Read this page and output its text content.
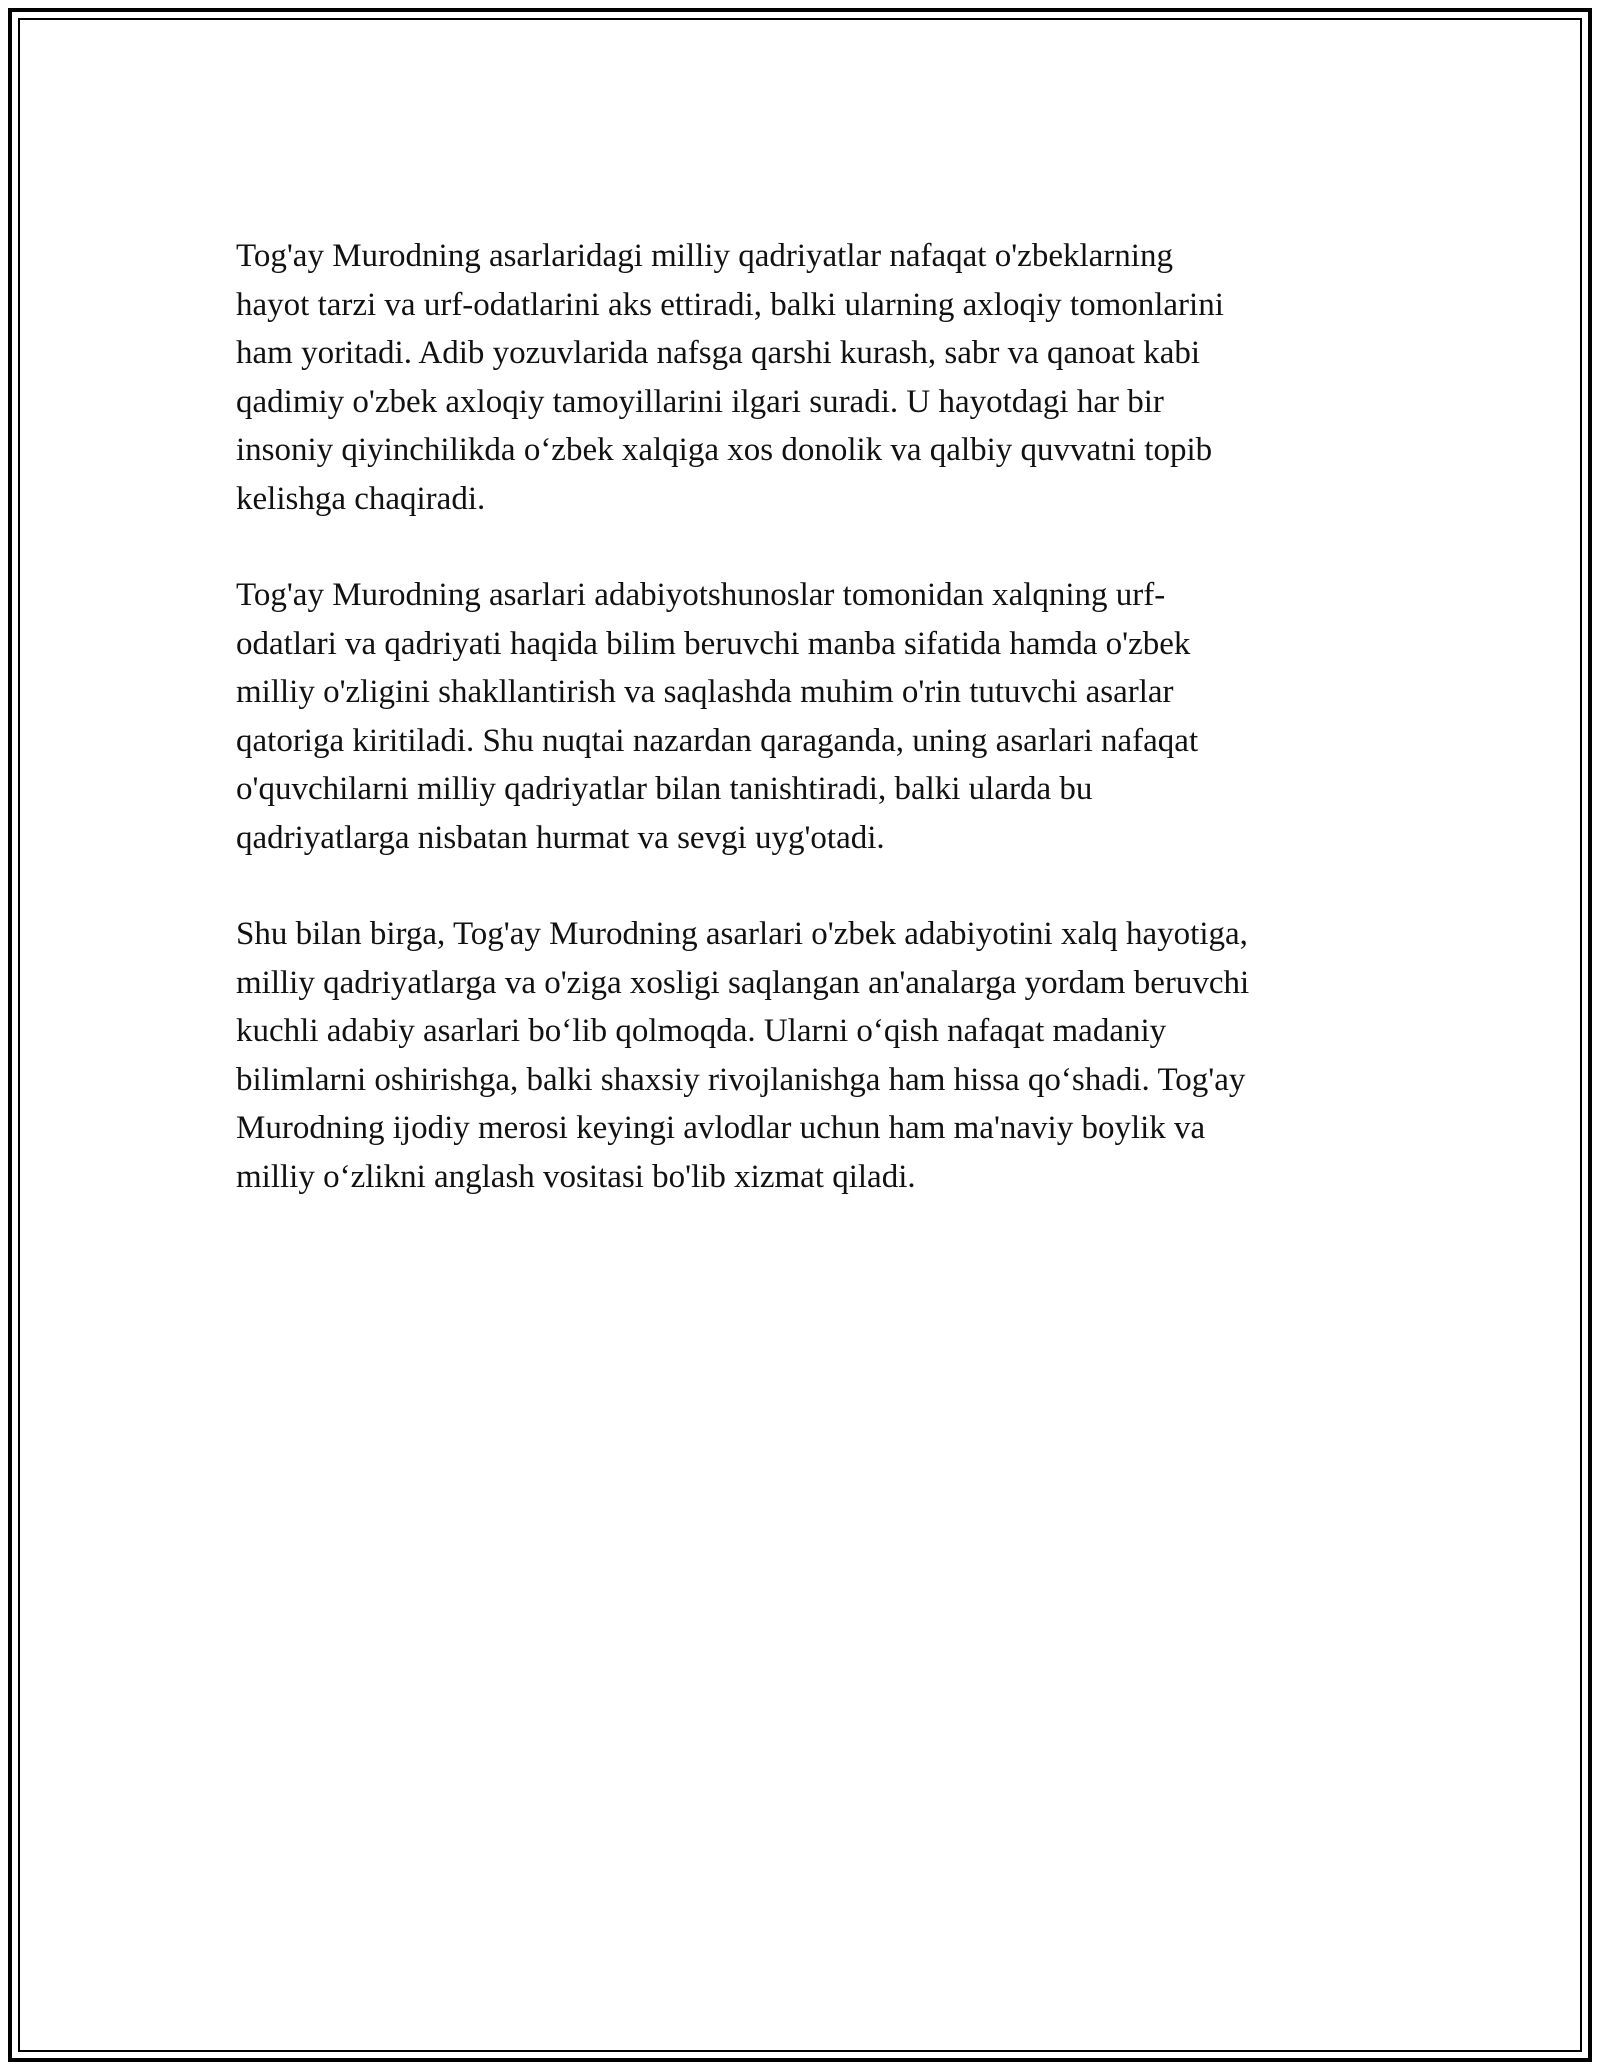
Tog'ay Murodning asarlaridagi milliy qadriyatlar nafaqat o'zbeklarning
hayot tarzi va urf-odatlarini aks ettiradi, balki ularning axloqiy tomonlarini
ham yoritadi. Adib yozuvlarida nafsga qarshi kurash, sabr va qanoat kabi
qadimiy o'zbek axloqiy tamoyillarini ilgari suradi. U hayotdagi har bir
insoniy qiyinchilikda o‘zbek xalqiga xos donolik va qalbiy quvvatni topib
kelishga chaqiradi.

Tog'ay Murodning asarlari adabiyotshunoslar tomonidan xalqning urf-
odatlari va qadriyati haqida bilim beruvchi manba sifatida hamda o'zbek
milliy o'zligini shakllantirish va saqlashda muhim o'rin tutuvchi asarlar
qatoriga kiritiladi. Shu nuqtai nazardan qaraganda, uning asarlari nafaqat
o'quvchilarni milliy qadriyatlar bilan tanishtiradi, balki ularda bu
qadriyatlarga nisbatan hurmat va sevgi uyg'otadi.

Shu bilan birga, Tog'ay Murodning asarlari o'zbek adabiyotini xalq hayotiga,
milliy qadriyatlarga va o'ziga xosligi saqlangan an'analarga yordam beruvchi
kuchli adabiy asarlari bo‘lib qolmoqda. Ularni o‘qish nafaqat madaniy
bilimlarni oshirishga, balki shaxsiy rivojlanishga ham hissa qo‘shadi. Tog'ay
Murodning ijodiy merosi keyingi avlodlar uchun ham ma'naviy boylik va
milliy o‘zlikni anglash vositasi bo'lib xizmat qiladi.
